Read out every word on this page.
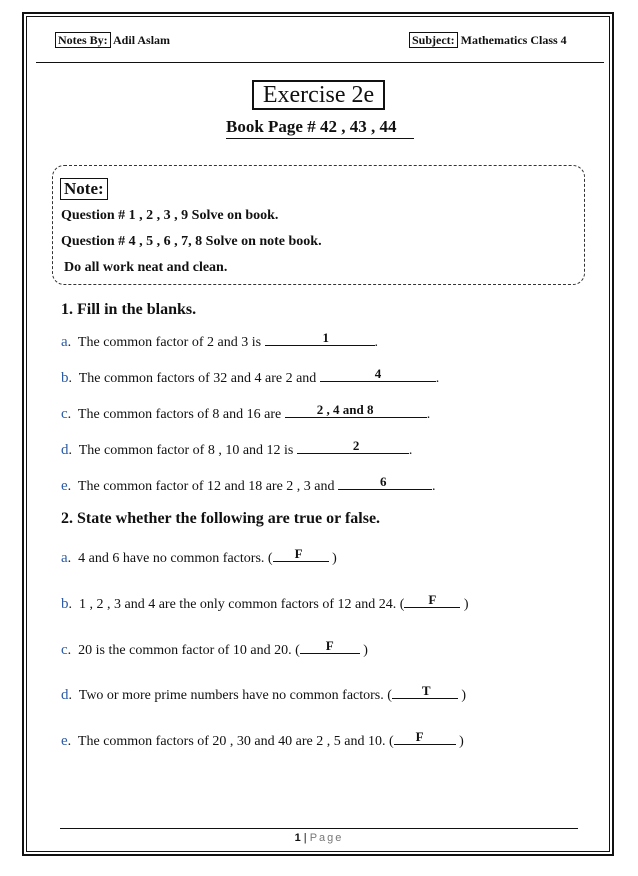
Notes By: Adil Aslam	Subject: Mathematics Class 4
Exercise 2e
Book Page # 42 , 43 , 44
Note:
Question # 1 , 2 , 3 , 9 Solve on book.
Question # 4 , 5 , 6 , 7, 8 Solve on note book.
Do all work neat and clean.
1. Fill in the blanks.
a.  The common factor of 2 and 3 is	1	.
b.  The common factors of 32 and 4 are 2 and	4	.
c.  The common factors of 8 and 16 are 2 , 4 and 8	.
d.  The common factor of 8 , 10 and 12 is	2	.
e.  The common factor of 12 and 18 are 2 , 3 and	6	.
2. State whether the following are true or false.
a.  4 and 6 have no common factors. ( F )
b.  1 , 2 , 3 and 4 are the only common factors of 12 and 24. ( F )
c.  20 is the common factor of 10 and 20. ( F )
d.  Two or more prime numbers have no common factors. ( T )
e.  The common factors of 20 , 30 and 40 are 2 , 5 and 10. ( F )
1 | Page
